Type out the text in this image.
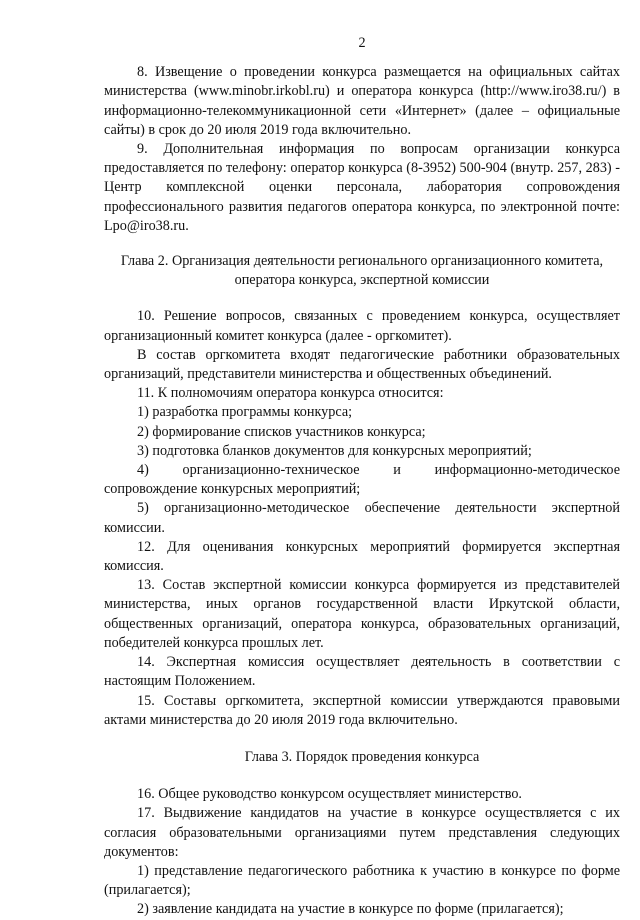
2

8. Извещение о проведении конкурса размещается на официальных сайтах министерства (www.minobr.irkobl.ru) и оператора конкурса (http://www.iro38.ru/) в информационно-телекоммуникационной сети «Интернет» (далее – официальные сайты) в срок до 20 июля 2019 года включительно.

9. Дополнительная информация по вопросам организации конкурса предоставляется по телефону: оператор конкурса (8-3952) 500-904 (внутр. 257, 283) - Центр комплексной оценки персонала, лаборатория сопровождения профессионального развития педагогов оператора конкурса, по электронной почте: Lpo@iro38.ru.

Глава 2. Организация деятельности регионального организационного комитета, оператора конкурса, экспертной комиссии

10. Решение вопросов, связанных с проведением конкурса, осуществляет организационный комитет конкурса (далее - оргкомитет).

В состав оргкомитета входят педагогические работники образовательных организаций, представители министерства и общественных объединений.

11. К полномочиям оператора конкурса относится:

1) разработка программы конкурса;

2) формирование списков участников конкурса;

3) подготовка бланков документов для конкурсных мероприятий;

4) организационно-техническое и информационно-методическое сопровождение конкурсных мероприятий;

5) организационно-методическое обеспечение деятельности экспертной комиссии.

12. Для оценивания конкурсных мероприятий формируется экспертная комиссия.

13. Состав экспертной комиссии конкурса формируется из представителей министерства, иных органов государственной власти Иркутской области, общественных организаций, оператора конкурса, образовательных организаций, победителей конкурса прошлых лет.

14. Экспертная комиссия осуществляет деятельность в соответствии с настоящим Положением.

15. Составы оргкомитета, экспертной комиссии утверждаются правовыми актами министерства до 20 июля 2019 года включительно.

Глава 3. Порядок проведения конкурса

16. Общее руководство конкурсом осуществляет министерство.

17. Выдвижение кандидатов на участие в конкурсе осуществляется с их согласия образовательными организациями путем представления следующих документов:

1) представление педагогического работника к участию в конкурсе по форме (прилагается);

2) заявление кандидата на участие в конкурсе по форме (прилагается);
